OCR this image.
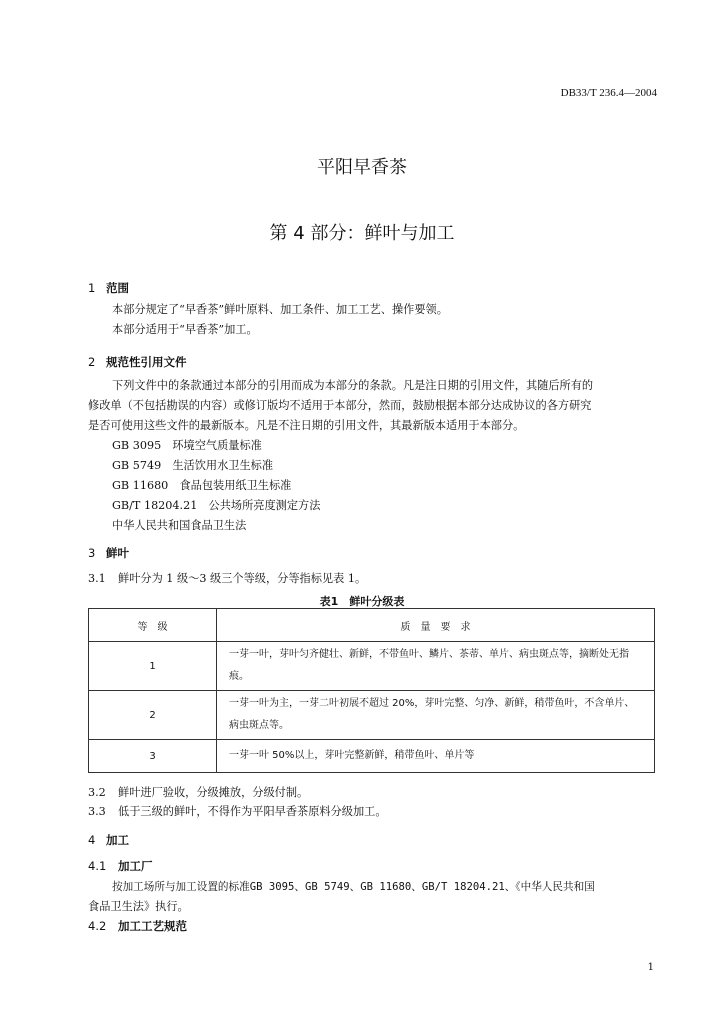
DB33/T 236.4—2004
平阳早香茶
第 4 部分：鲜叶与加工
1 范围
本部分规定了“早香茶”鲜叶原料、加工条件、加工工艺、操作要领。
本部分适用于“早香茶”加工。
2 规范性引用文件
下列文件中的条款通过本部分的引用而成为本部分的条款。凡是注日期的引用文件，其随后所有的
修改单（不包括勘误的内容）或修订版均不适用于本部分，然而，鼓励根据本部分达成协议的各方研究
是否可使用这些文件的最新版本。凡是不注日期的引用文件，其最新版本适用于本部分。
GB 3095　环境空气质量标准
GB 5749　生活饮用水卫生标准
GB 11680　食品包装用纸卫生标准
GB/T 18204.21　公共场所亮度测定方法
中华人民共和国食品卫生法
3 鲜叶
3.1 鲜叶分为 1 级～3 级三个等级，分等指标见表 1。
表1　鲜叶分级表
等　级	质　量　要　求
1	一芽一叶，芽叶匀齐健壮、新鲜，不带鱼叶、鳞片、茶蒂、单片、病虫斑点等，摘断处无指痕。
2	一芽一叶为主，一芽二叶初展不超过 20%，芽叶完整、匀净、新鲜，稍带鱼叶，不含单片、病虫斑点等。
3	一芽一叶 50%以上，芽叶完整新鲜，稍带鱼叶、单片等
3.2 鲜叶进厂验收，分级摊放，分级付制。
3.3 低于三级的鲜叶，不得作为平阳早香茶原料分级加工。
4 加工
4.1 加工厂
按加工场所与加工设置的标准GB 3095、GB 5749、GB 11680、GB/T 18204.21、《中华人民共和国
食品卫生法》执行。
4.2 加工工艺规范
1
